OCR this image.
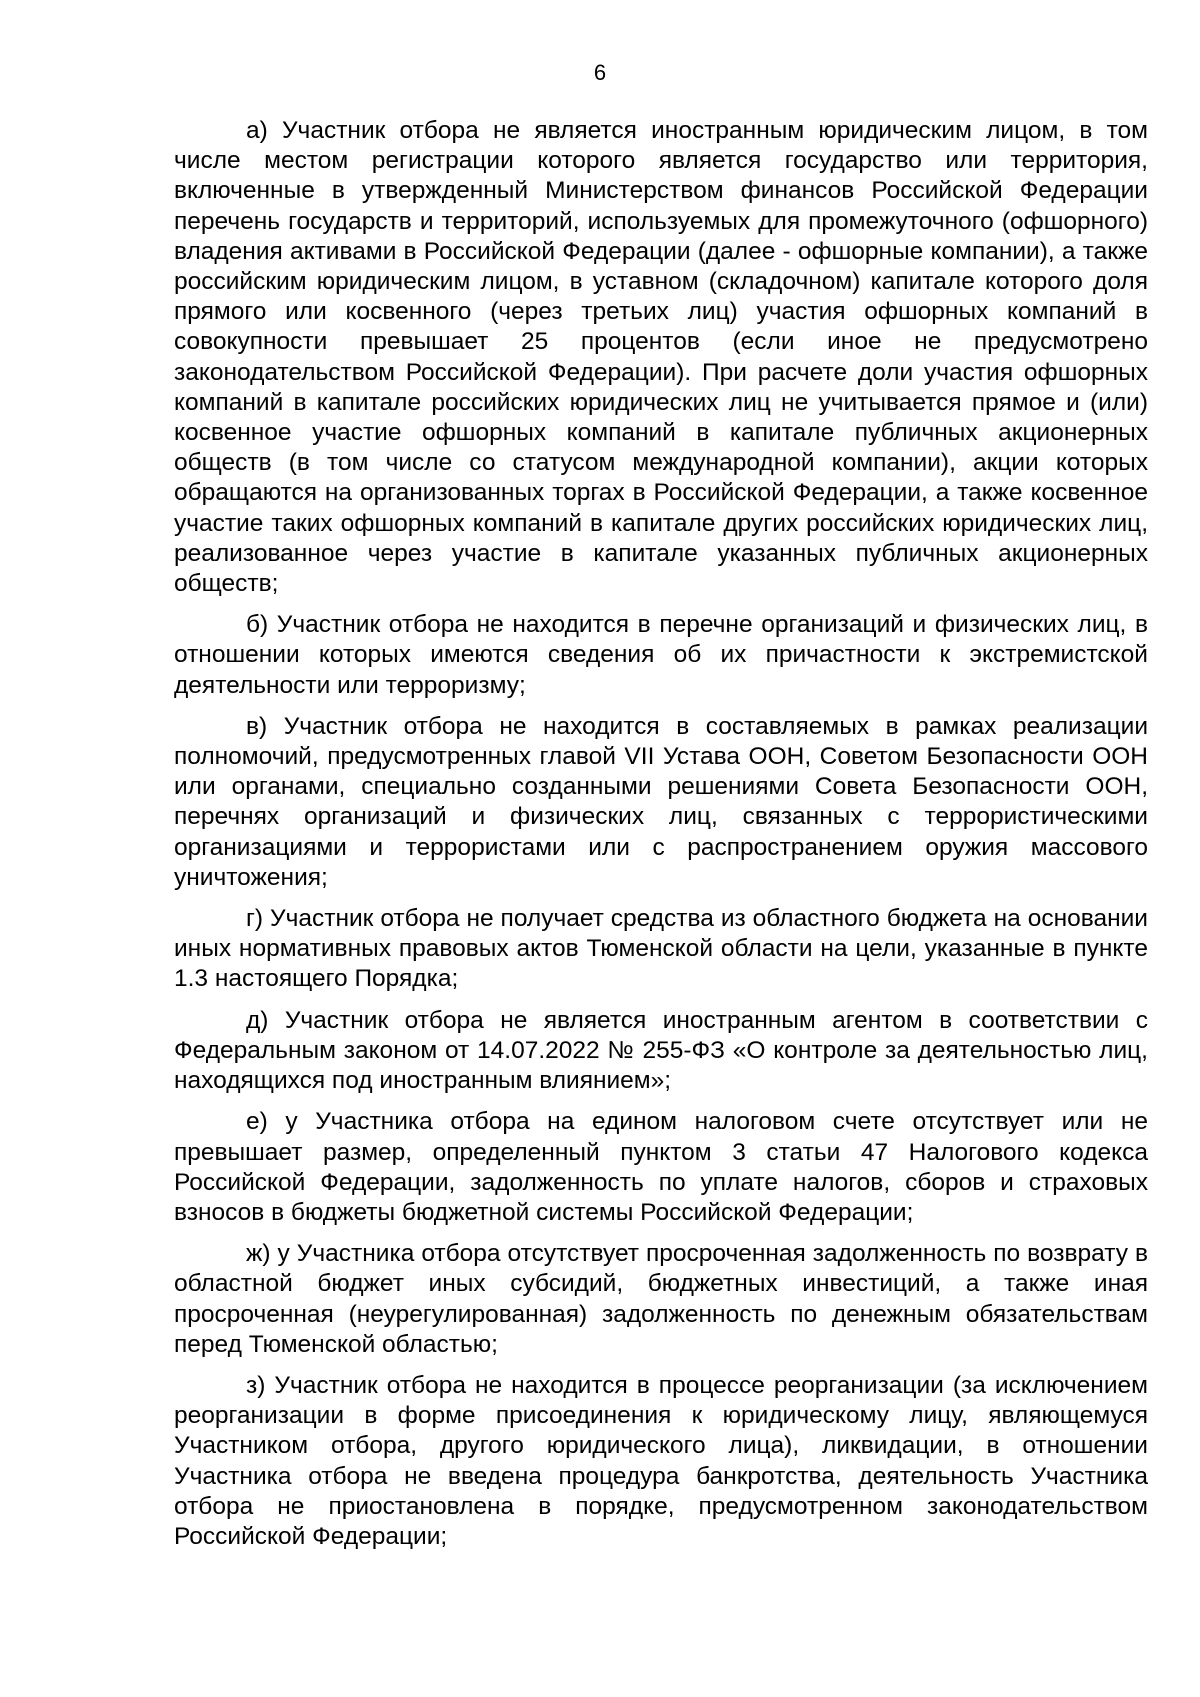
6

а) Участник отбора не является иностранным юридическим лицом, в том числе местом регистрации которого является государство или территория, включенные в утвержденный Министерством финансов Российской Федерации перечень государств и территорий, используемых для промежуточного (офшорного) владения активами в Российской Федерации (далее - офшорные компании), а также российским юридическим лицом, в уставном (складочном) капитале которого доля прямого или косвенного (через третьих лиц) участия офшорных компаний в совокупности превышает 25 процентов (если иное не предусмотрено законодательством Российской Федерации). При расчете доли участия офшорных компаний в капитале российских юридических лиц не учитывается прямое и (или) косвенное участие офшорных компаний в капитале публичных акционерных обществ (в том числе со статусом международной компании), акции которых обращаются на организованных торгах в Российской Федерации, а также косвенное участие таких офшорных компаний в капитале других российских юридических лиц, реализованное через участие в капитале указанных публичных акционерных обществ;

б) Участник отбора не находится в перечне организаций и физических лиц, в отношении которых имеются сведения об их причастности к экстремистской деятельности или терроризму;

в) Участник отбора не находится в составляемых в рамках реализации полномочий, предусмотренных главой VII Устава ООН, Советом Безопасности ООН или органами, специально созданными решениями Совета Безопасности ООН, перечнях организаций и физических лиц, связанных с террористическими организациями и террористами или с распространением оружия массового уничтожения;

г) Участник отбора не получает средства из областного бюджета на основании иных нормативных правовых актов Тюменской области на цели, указанные в пункте 1.3 настоящего Порядка;

д) Участник отбора не является иностранным агентом в соответствии с Федеральным законом от 14.07.2022 № 255-ФЗ «О контроле за деятельностью лиц, находящихся под иностранным влиянием»;

е) у Участника отбора на едином налоговом счете отсутствует или не превышает размер, определенный пунктом 3 статьи 47 Налогового кодекса Российской Федерации, задолженность по уплате налогов, сборов и страховых взносов в бюджеты бюджетной системы Российской Федерации;

ж) у Участника отбора отсутствует просроченная задолженность по возврату в областной бюджет иных субсидий, бюджетных инвестиций, а также иная просроченная (неурегулированная) задолженность по денежным обязательствам перед Тюменской областью;

з) Участник отбора не находится в процессе реорганизации (за исключением реорганизации в форме присоединения к юридическому лицу, являющемуся Участником отбора, другого юридического лица), ликвидации, в отношении Участника отбора не введена процедура банкротства, деятельность Участника отбора не приостановлена в порядке, предусмотренном законодательством Российской Федерации;
